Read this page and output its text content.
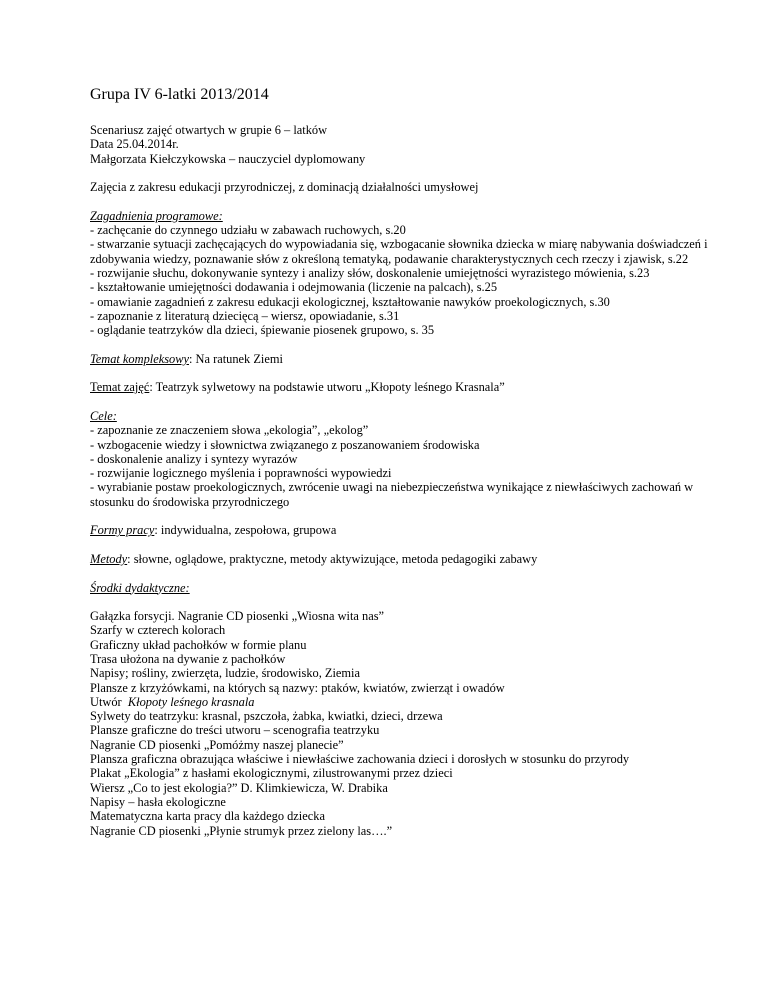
Grupa IV 6-latki 2013/2014
Scenariusz zajęć otwartych w grupie 6 – latków
Data 25.04.2014r.
Małgorzata Kiełczykowska – nauczyciel dyplomowany
Zajęcia z zakresu edukacji przyrodniczej, z dominacją działalności umysłowej
Zagadnienia programowe:
- zachęcanie do czynnego udziału w zabawach ruchowych, s.20
- stwarzanie sytuacji zachęcających do wypowiadania się, wzbogacanie słownika dziecka w miarę nabywania doświadczeń i zdobywania wiedzy, poznawanie słów z określoną tematyką, podawanie charakterystycznych cech rzeczy i zjawisk, s.22
- rozwijanie słuchu, dokonywanie syntezy i analizy słów, doskonalenie umiejętności wyrazistego mówienia, s.23
- kształtowanie umiejętności dodawania i odejmowania (liczenie na palcach), s.25
- omawianie zagadnień z zakresu edukacji ekologicznej, kształtowanie nawyków proekologicznych, s.30
- zapoznanie z literaturą dziecięcą – wiersz, opowiadanie, s.31
- oglądanie teatrzyków dla dzieci, śpiewanie piosenek grupowo, s. 35
Temat kompleksowy: Na ratunek Ziemi
Temat zajęć: Teatrzyk sylwetowy na podstawie utworu „Kłopoty leśnego Krasnala”
Cele:
- zapoznanie ze znaczeniem słowa „ekologia”, „ekolog”
- wzbogacenie wiedzy i słownictwa związanego z poszanowaniem środowiska
- doskonalenie analizy i syntezy wyrazów
- rozwijanie logicznego myślenia i poprawności wypowiedzi
- wyrabianie postaw proekologicznych, zwrócenie uwagi na niebezpieczeństwa wynikające z niewłaściwych zachowań w stosunku do środowiska przyrodniczego
Formy pracy: indywidualna, zespołowa, grupowa
Metody: słowne, oglądowe, praktyczne, metody aktywizujące, metoda pedagogiki zabawy
Środki dydaktyczne:
Gałązka forsycji. Nagranie CD piosenki „Wiosna wita nas”
Szarfy w czterech kolorach
Graficzny układ pachołków w formie planu
Trasa ułożona na dywanie z pachołków
Napisy; rośliny, zwierzęta, ludzie, środowisko, Ziemia
Plansze z krzyżówkami, na których są nazwy: ptaków, kwiatów, zwierząt i owadów
Utwór  Kłopoty leśnego krasnala
Sylwety do teatrzyku: krasnal, pszczoła, żabka, kwiatki, dzieci, drzewa
Plansze graficzne do treści utworu – scenografia teatrzyku
Nagranie CD piosenki „Pomóżmy naszej planecie”
Plansza graficzna obrazująca właściwe i niewłaściwe zachowania dzieci i dorosłych w stosunku do przyrody
Plakat „Ekologia” z hasłami ekologicznymi, zilustrowanymi przez dzieci
Wiersz „Co to jest ekologia?” D. Klimkiewicza, W. Drabika
Napisy – hasła ekologiczne
Matematyczna karta pracy dla każdego dziecka
Nagranie CD piosenki „Płynie strumyk przez zielony las….”
